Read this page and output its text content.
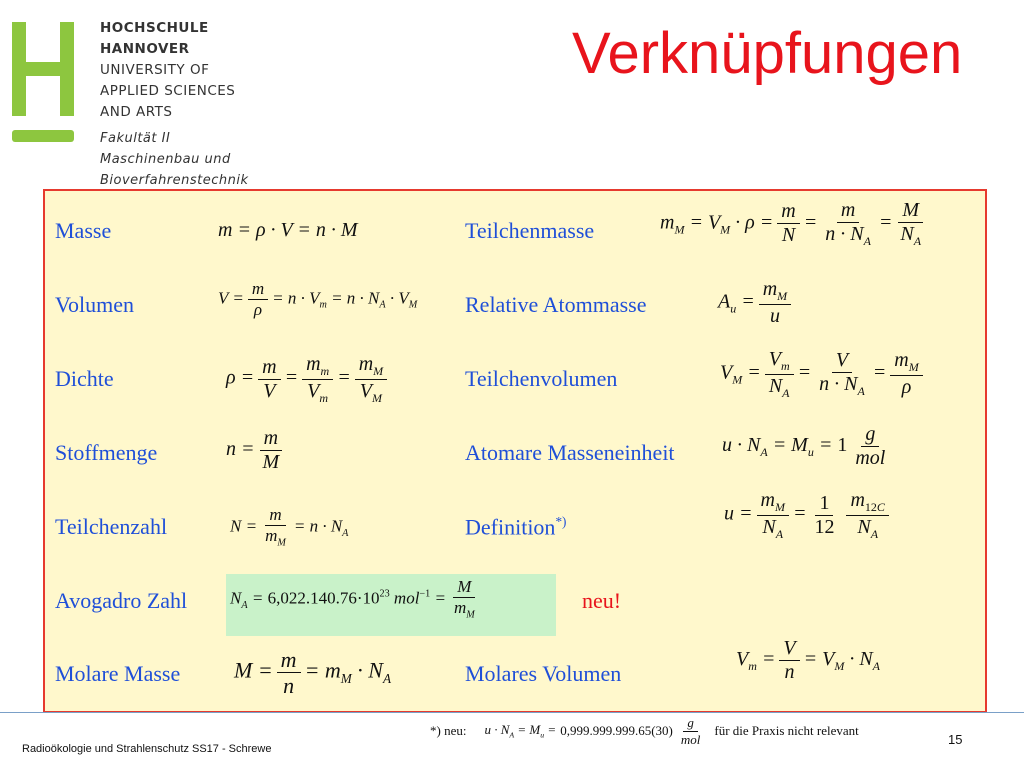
HOCHSCHULE
HANNOVER
UNIVERSITY OF
APPLIED SCIENCES
AND ARTS
Fakultät II
Maschinenbau und
Bioverfahrenstechnik
Verknüpfungen
Masse
Volumen
Dichte
Stoffmenge
Teilchenzahl
Avogadro Zahl
Molare Masse
Teilchenmasse
Relative Atommasse
Teilchenvolumen
Atomare Masseneinheit
Definition*)
Molares Volumen
m = ρ · V = n · M
$V = \frac{m}{\rho} = n \cdot V_m = n \cdot N_A \cdot V_M$
$\rho = \frac{m}{V} = \frac{m_m}{V_m} = \frac{m_M}{V_M}$
$n = \frac{m}{M}$
$N = \frac{m}{m_M} = n \cdot N_A$
$N_A = 6,022.140.76\cdot 10^{23}$ $mol^{-1} = \frac{M}{m_M}$	neu!
$M = \frac{m}{n} = m_M \cdot N_A$
$m_M = V_M \cdot \rho = \frac{m}{N} = \frac{m}{n \cdot N_A} = \frac{M}{N_A}$
$A_u = \frac{m_M}{u}$
$V_M = \frac{V_m}{N_A} = \frac{V}{n \cdot N_A} = \frac{m_M}{\rho}$
$u \cdot N_A = M_u = 1 \frac{g}{\text{mol}}$
$u = \frac{m_M}{N_A} = \frac{1}{12} \frac{m_{12C}}{N_A}$
$V_m = \frac{V}{n} = V_M \cdot N_A$
*) neu: $u \cdot N_A = M_u = 0,999.999.999.65(30) \frac{g}{\text{mol}}$ für die Praxis nicht relevant
Radioökologie und Strahlenschutz SS17 - Schrewe
15
